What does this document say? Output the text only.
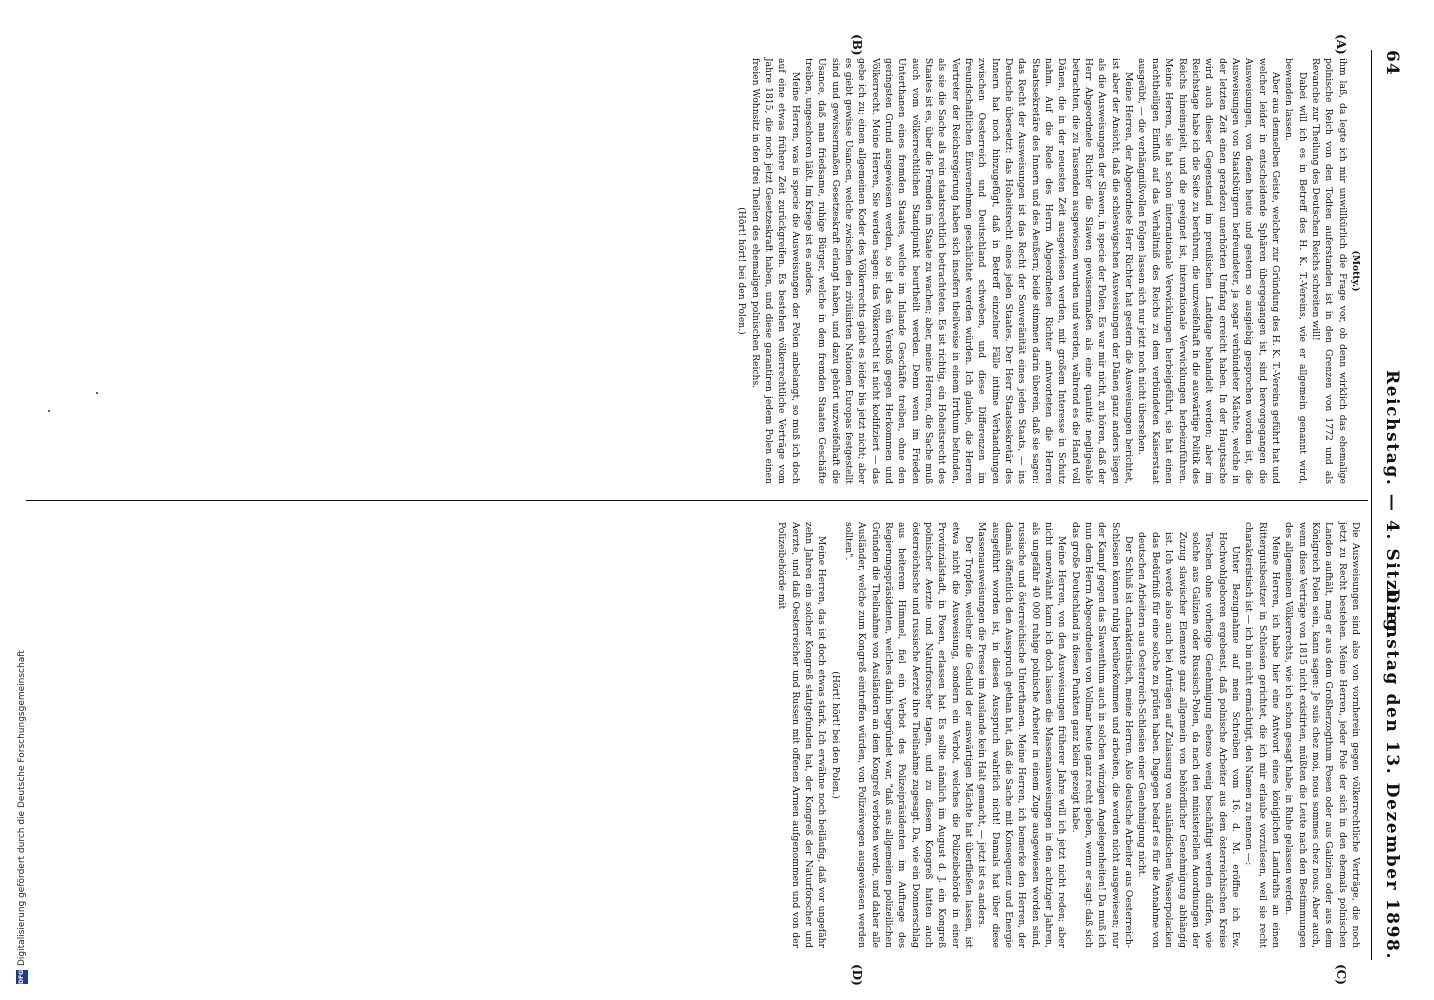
64
Reichstag. — 4. Sitzung.
Dienstag den 13. Dezember 1898.
(A)
(B)
(C)
(D)

(Motty.)

ihm laß, da legte ich mir unwillkürlich die Frage vor, ob denn wirklich das ehemalige polnische Reich von den Todten auferstanden ist in den Grenzen von 1772 und als Revanche zur Theilung des Deutschen Reichs schreiten will!

Dabei will ich es in Betreff des H. K. T.-Vereins, wie er allgemein genannt wird, bewenden lassen.

Aber aus demselben Geiste, welcher zur Gründung des H. K. T.-Vereins geführt hat und welcher leider in entscheidende Sphären übergegangen ist, sind hervorgegangen die Ausweisungen, von denen heute und gestern so ausgiebig gesprochen worden ist, die Ausweisungen von Staatsbürgern befreundeter, ja sogar verbündeter Mächte, welche in der letzten Zeit einen geradezu unerhörten Umfang erreicht haben. In der Hauptsache wird auch dieser Gegenstand im preußischen Landtage behandelt werden; aber im Reichstage habe ich die Seite zu berühren, die unzweifelhaft in die auswärtige Politik des Reichs hineinspielt, und die geeignet ist, internationale Verwicklungen herbeizuführen. Meine Herren, sie hat schon internationale Verwicklungen herbeigeführt, sie hat einen nachtheiligen Einfluß auf das Verhältniß des Reichs zu dem verbündeten Kaiserstaat ausgeübt, — die verhängnißvollen Folgen lassen sich nur jetzt noch nicht übersehen.

Meine Herren, der Abgeordnete Herr Richter hat gestern die Ausweisungen berichtet, ist aber der Ansicht, daß die schleswigschen Ausweisungen der Dänen ganz anders liegen als die Ausweisungen der Slawen, in specie der Polen. Es war mir nicht, zu hören, daß der Herr Abgeordnete Richter die Slawen gewissermaßen als eine quantité negligeable betrachten, die zu Tausenden ausgewiesen wurden und werden, während es die Hand voll Dänen, die in der neuesten Zeit ausgewiesen werden, mit großem Interesse in Schutz nahm. Auf die Rede des Herrn Abgeordneten Richter antworteten die Herren Staatssekretäre des Innern und des Aeußern; beide stimmen darin überein, daß sie sagen: das Recht der Ausweisungen ist das Recht der Souveränität eines jeden Staats, — ins Deutsche übersetzt: das Hoheitsrecht eines jeden Staates. Der Herr Staatssekretär des Innern hat noch hinzugefügt, daß in Betreff einzelner Fälle intime Verhandlungen zwischen Oesterreich und Deutschland schweben, und diese Differenzen im freundschaftlichen Einvernehmen geschlichtet werden würden. Ich glaube, die Herren Vertreter der Reichsregierung haben sich insofern theilweise in einem Irrthum befunden, als sie die Sache als rein staatsrechtlich betrachteten. Es ist richtig, ein Hoheitsrecht des Staates ist es, über die Fremden im Staate zu wachen; aber, meine Herren, die Sache muß auch vom völkerrechtlichen Standpunkt beurtheilt werden. Denn wenn im Frieden Unterthanen eines fremden Staates, welche im Inlande Geschäfte treiben, ohne den geringsten Grund ausgewiesen werden, so ist das ein Verstoß gegen Herkommen und Völkerrecht. Meine Herren, Sie werden sagen: das Völkerrecht ist nicht kodifiziert — das gebe ich zu; einen allgemeinen Koder des Völkerrechts giebt es leider bis jetzt nicht; aber es giebt gewisse Usancen, welche zwischen den zivilisirten Nationen Europas festgestellt sind und gewissermaßen Gesetzeskraft erlangt haben, und dazu gehört unzweifelhaft die Usance, daß man friedsame, ruhige Bürger, welche in dem fremden Staaten Geschäfte treiben, ungeschoren läßt. Im Kriege ist es anders.

Meine Herren, was in specie die Ausweisungen der Polen anbelangt, so muß ich doch auf eine etwas frühere Zeit zurückgreifen. Es bestehen völkerrechtliche Verträge vom Jahre 1815, die noch jetzt Gesetzeskraft haben, und diese garantiren jedem Polen einen freien Wohnsitz in den drei Theilen des ehemaligen polnischen Reichs.

(Hört! hört! bei den Polen.)

Die Ausweisungen sind also von vornherein gegen völkerrechtliche Verträge, die noch jetzt zu Recht bestehen. Meine Herren, jeder Pole der sich in den ehemals polnischen Landen aufhält, mag er aus dem Großherzogthum Posen oder aus Galizien oder aus dem Königreich Polen sein, kann sagen: Je suis chez moi, nous sommes chez nous. Aber auch, wenn diese Verträge von 1815 nicht existirten, müßten die Leute nach den Bestimmungen des allgemeinen Völkerrechts, wie ich schon gesagt habe, in Ruhe gelassen werden.

Meine Herren, ich habe hier eine Antwort eines königlichen Landraths an einen Rittergutsbesitzer in Schlesien gerichtet, die ich mir erlaube vorzulesen, weil sie recht charakteristisch ist — ich bin nicht ermächtigt, den Namen zu nennen —:

Unter Bezugnahme auf mein Schreiben vom 16. d. M. eröffne ich Ew. Hochwohlgeboren ergebenst, daß polnische Arbeiter aus dem österreichischen Kreise Teschen ohne vorherige Genehmigung ebenso wenig beschäftigt werden dürfen, wie solche aus Galizien oder Russisch-Polen, da nach den ministeriellen Anordnungen der Zuzug slawischer Elemente ganz allgemein von behördlicher Genehmigung abhängig ist. Ich werde also auch bei Anträgen auf Zulassung von ausländischen Wasserpolacken das Bedürfniß für eine solche zu prüfen haben. Dagegen bedarf es für die Annahme von deutschen Arbeitern aus Oesterreich-Schlesien einer Genehmigung nicht.

Der Schluß ist charakteristisch, meine Herren. Also deutsche Arbeiter aus Oesterreich-Schlesien können ruhig herüberkommen und arbeiten, die werden nicht ausgewiesen; nur der Kampf gegen das Slawenthum auch in solchen winzigen Angelegenheiten! Da muß ich nun dem Herrn Abgeordneten von Vollmar heute ganz recht geben, wenn er sagt: daß sich das große Deutschland in diesen Punkten ganz klein gezeigt habe.

Meine Herren, von den Ausweisungen früherer Jahre will ich jetzt nicht reden; aber nicht unerwähnt kann ich doch lassen die Massenausweisungen in den achtziger Jahren, als ungefähr 40 000 ruhige polnische Arbeiter in einem Zuge ausgewiesen worden sind, russische und österreichische Unterthanen. Meine Herren, ich bemerke den Herren, der damals öffentlich den Ausspruch gethan hat, daß die Sache mit Konsequenz und Energie ausgeführt worden ist, in diesen Ausspruch wahrlich nicht! Damals hat über diese Massenausweisungen die Presse im Auslande kein Halt gemacht, — jetzt ist es anders.

Der Tropfen, welcher die Geduld der auswärtigen Mächte hat überfließen lassen, ist etwa nicht die Ausweisung, sondern ein Verbot, welches die Polizeibehörde in einer Provinzialstadt, in Posen, erlassen hat. Es sollte nämlich im August d. J. ein Kongreß polnischer Aerzte und Naturforscher tagen, und zu diesem Kongreß hatten auch österreichische und russische Aerzte ihre Theilnahme zugesagt. Da, wie ein Donnerschlag aus heiterem Himmel, fiel ein Verbot des Polizeipräsidenten im Auftrage des Regierungspräsidenten, welches dahin begründet war, "daß aus allgemeinen polizeilichen Gründen die Theilnahme von Ausländern an dem Kongreß verboten werde, und daher alle Ausländer, welche zum Kongreß eintreffen würden, von Polizeiwegen ausgewiesen werden sollten".

(Hört! hört! bei den Polen.)

Meine Herren, das ist doch etwas stark. Ich erwähne noch beiläufig, daß vor ungefähr zehn Jahren ein solcher Kongreß stattgefunden hat, der Kongreß der Naturforscher und Aerzte, und daß Oesterreicher und Russen mit offenen Armen aufgenommen und von der Polizeibehörde mit

DFG
Digitalisierung gefördert durch die Deutsche Forschungsgemeinschaft
